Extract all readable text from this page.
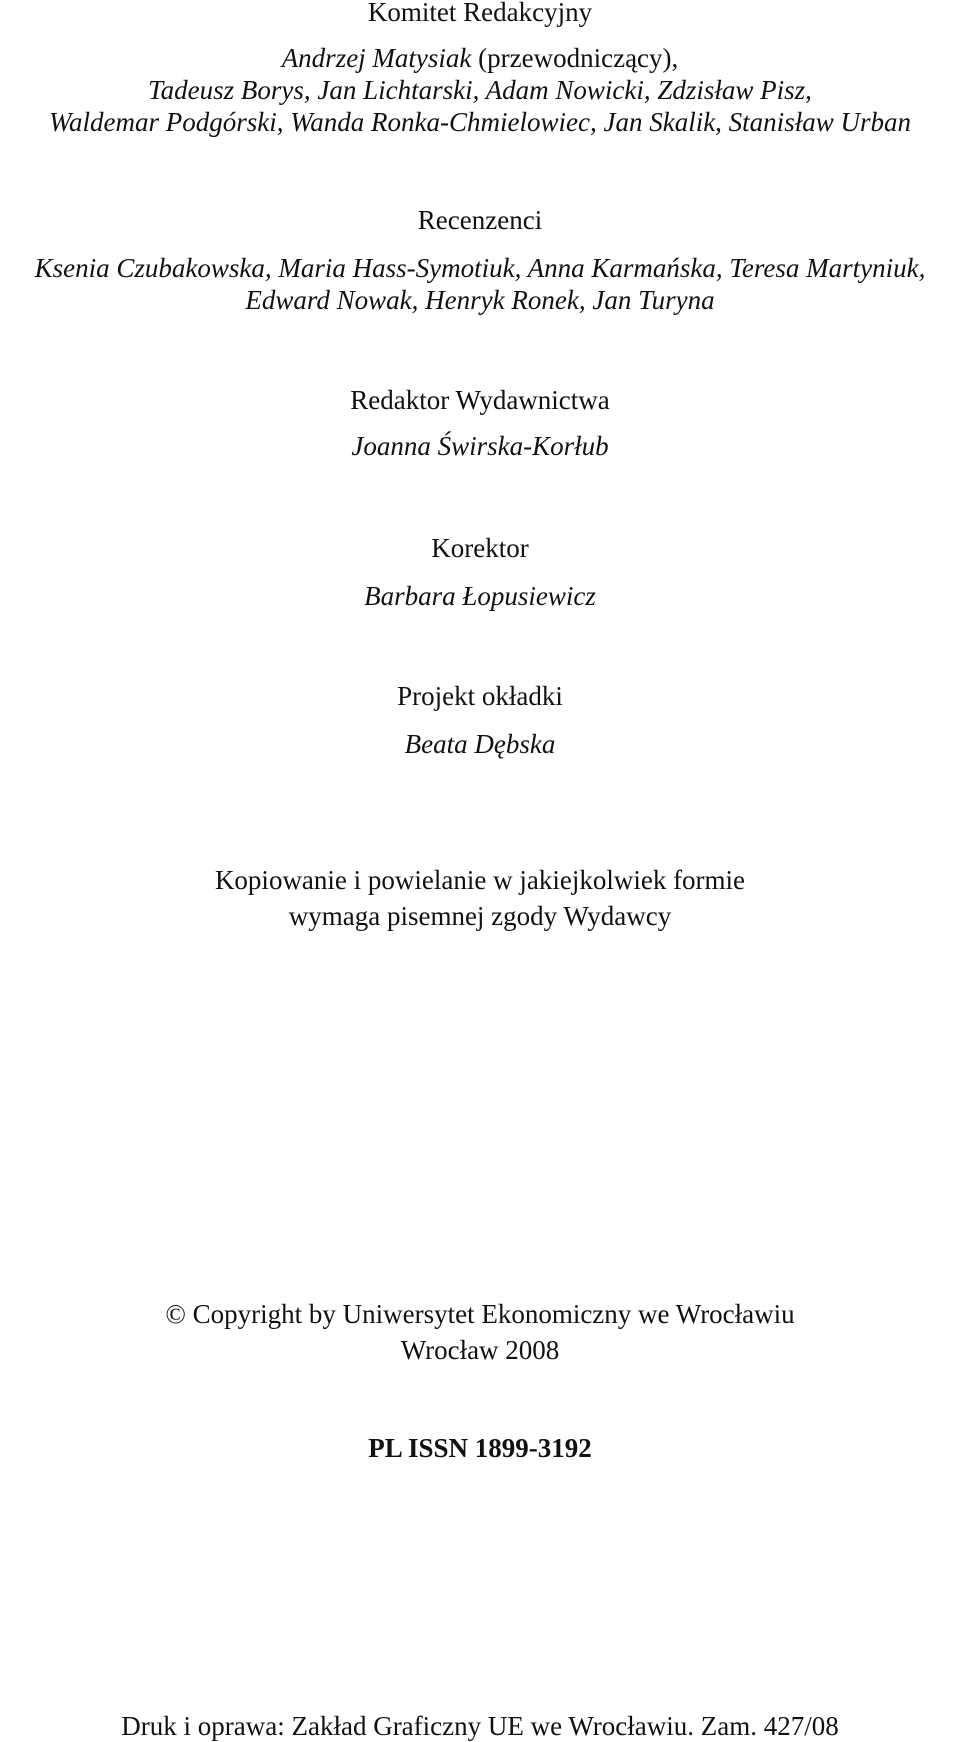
Komitet Redakcyjny
Andrzej Matysiak (przewodniczący),
Tadeusz Borys, Jan Lichtarski, Adam Nowicki, Zdzisław Pisz,
Waldemar Podgórski, Wanda Ronka-Chmielowiec, Jan Skalik, Stanisław Urban
Recenzenci
Ksenia Czubakowska, Maria Hass-Symotiuk, Anna Karmańska, Teresa Martyniuk,
Edward Nowak, Henryk Ronek, Jan Turyna
Redaktor Wydawnictwa
Joanna Świrska-Korłub
Korektor
Barbara Łopusiewicz
Projekt okładki
Beata Dębska
Kopiowanie i powielanie w jakiejkolwiek formie
wymaga pisemnej zgody Wydawcy
© Copyright by Uniwersytet Ekonomiczny we Wrocławiu
Wrocław 2008
PL ISSN 1899-3192
Druk i oprawa: Zakład Graficzny UE we Wrocławiu. Zam. 427/08
